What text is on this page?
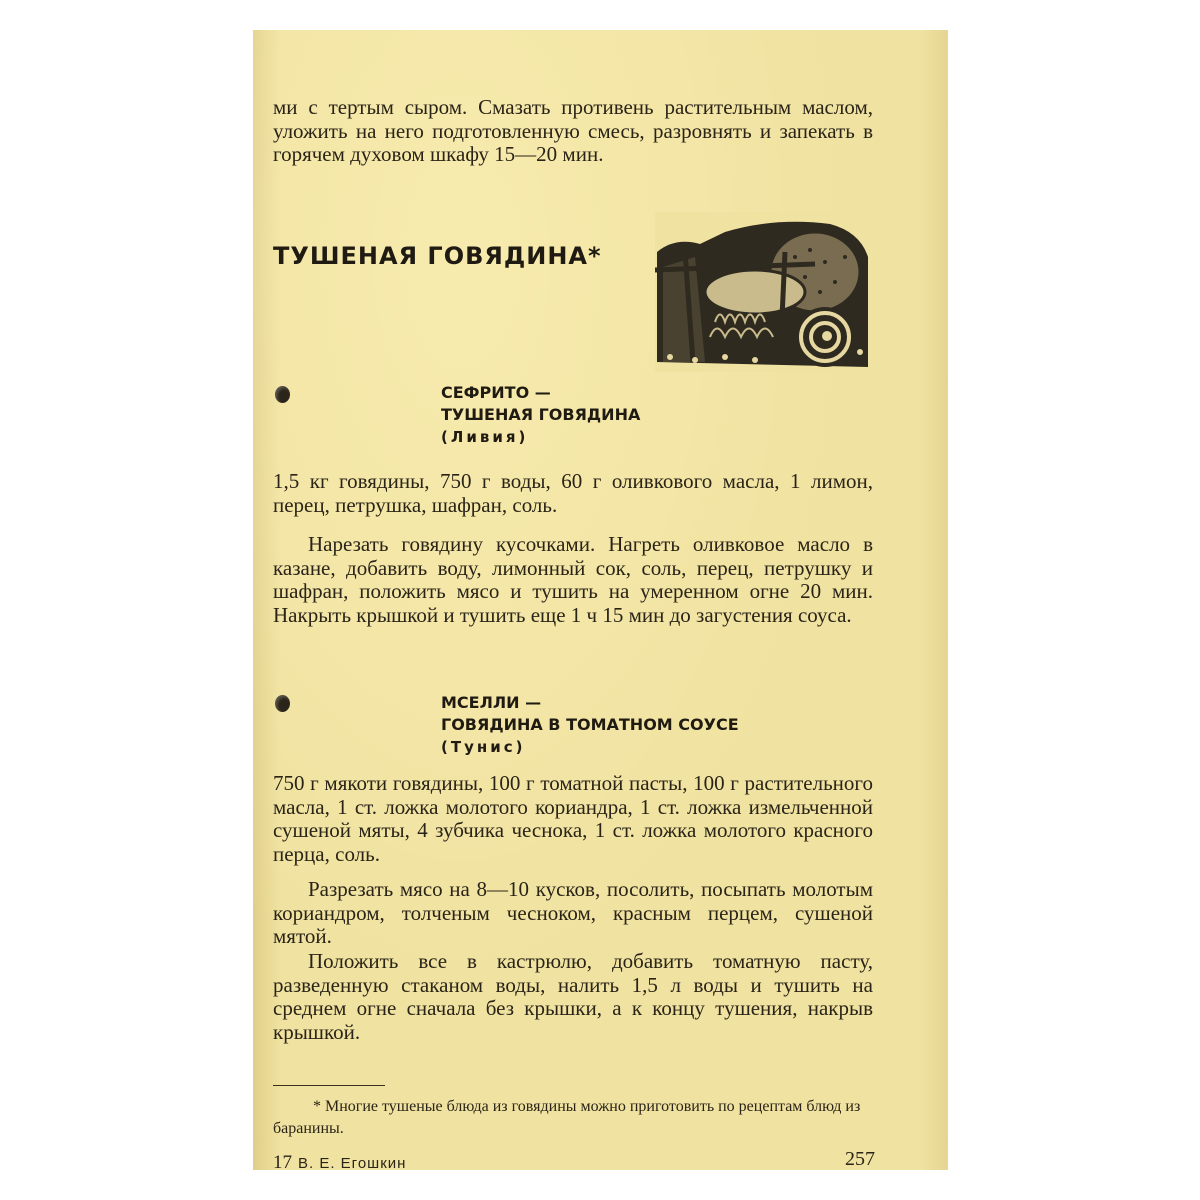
ми с тертым сыром. Смазать противень растительным маслом, уложить на него подготовленную смесь, разровнять и запекать в горячем духовом шкафу 15—20 мин.

ТУШЕНАЯ ГОВЯДИНА*
СЕФРИТО —
ТУШЕНАЯ ГОВЯДИНА
(Ливия)

1,5 кг говядины, 750 г воды, 60 г оливкового масла, 1 лимон, перец, петрушка, шафран, соль.

Нарезать говядину кусочками. Нагреть оливковое масло в казане, добавить воду, лимонный сок, соль, перец, петрушку и шафран, положить мясо и тушить на умеренном огне 20 мин. Накрыть крышкой и тушить еще 1 ч 15 мин до загустения соуса.

МСЕЛЛИ —
ГОВЯДИНА В ТОМАТНОМ СОУСЕ
(Тунис)

750 г мякоти говядины, 100 г томатной пасты, 100 г растительного масла, 1 ст. ложка молотого кориандра, 1 ст. ложка измельченной сушеной мяты, 4 зубчика чеснока, 1 ст. ложка молотого красного перца, соль.

Разрезать мясо на 8—10 кусков, посолить, посыпать молотым кориандром, толченым чесноком, красным перцем, сушеной мятой.

Положить все в кастрюлю, добавить томатную пасту, разведенную стаканом воды, налить 1,5 л воды и тушить на среднем огне сначала без крышки, а к концу тушения, накрыв крышкой.

* Многие тушеные блюда из говядины можно приготовить по рецептам блюд из баранины.

17 В. Е. Егошкин	257
